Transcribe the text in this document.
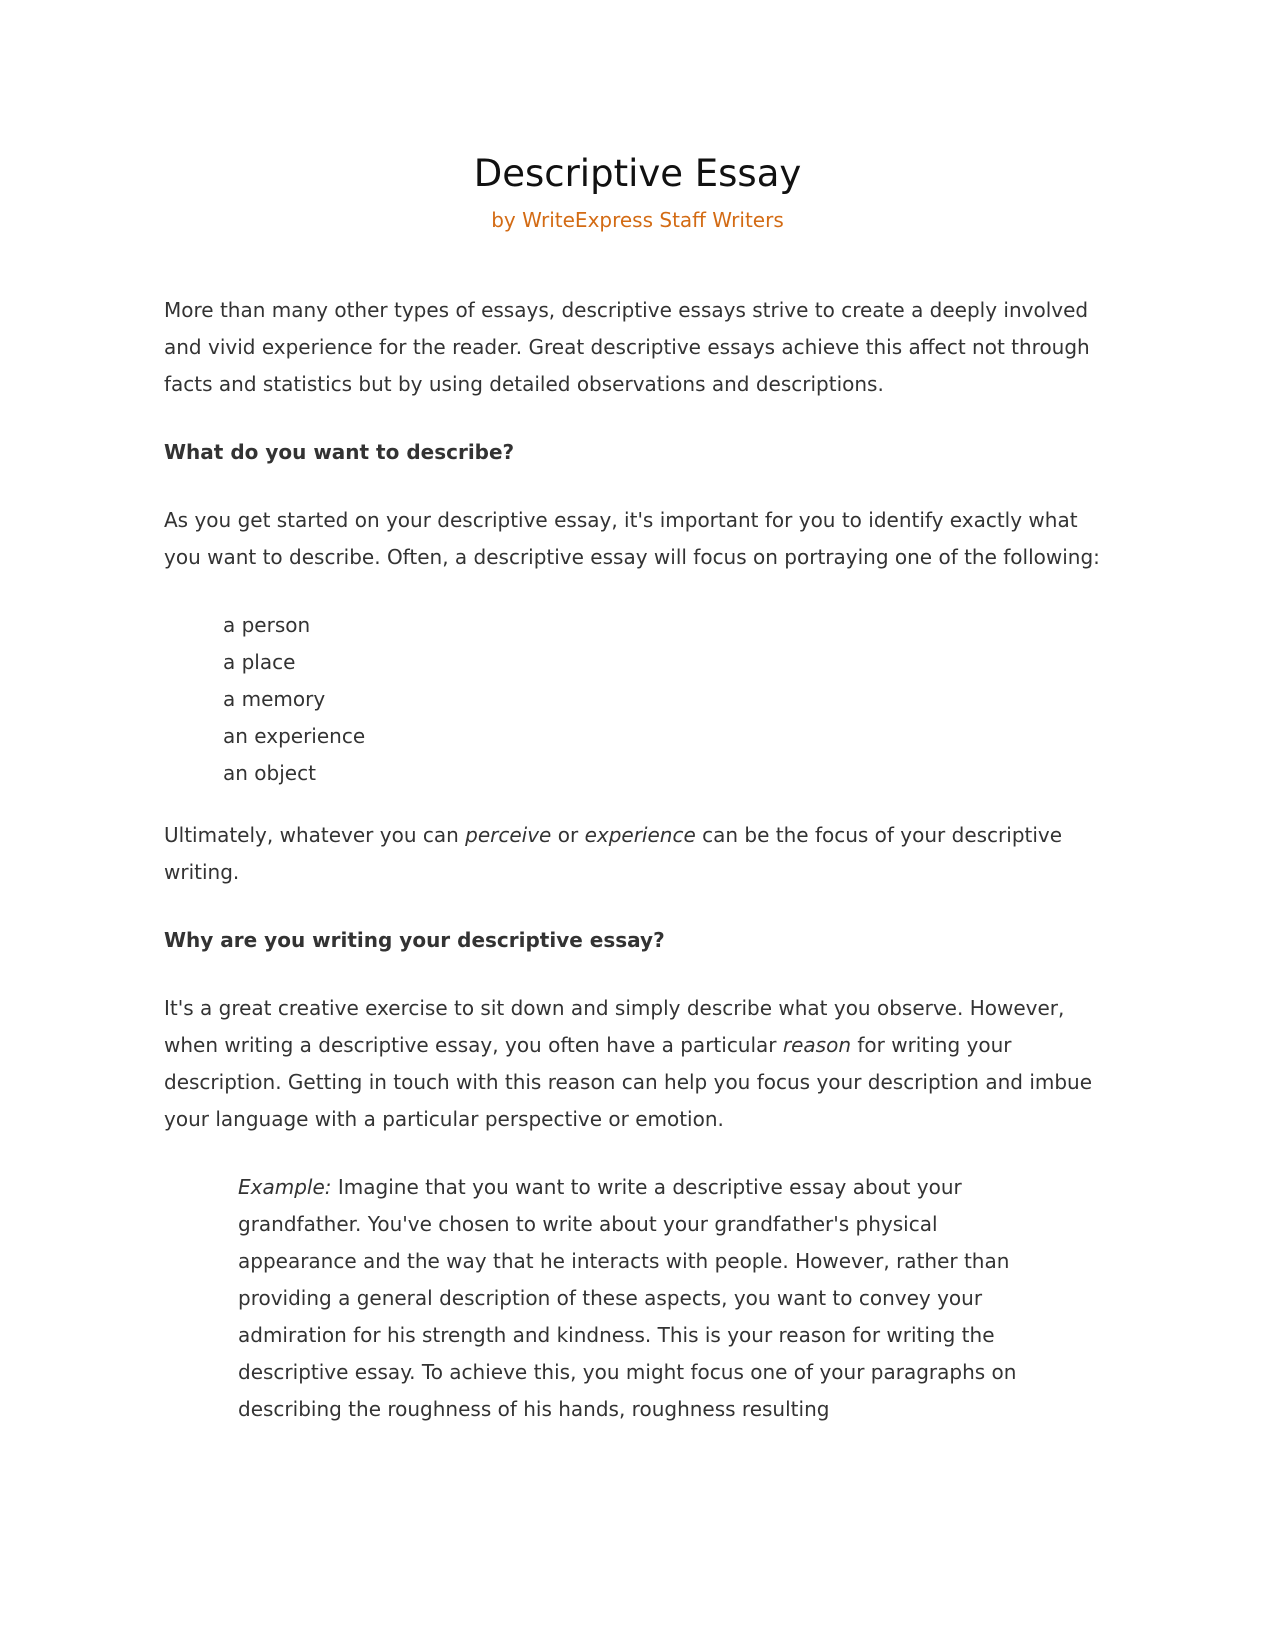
Descriptive Essay
by WriteExpress Staff Writers

More than many other types of essays, descriptive essays strive to create a deeply involved and vivid experience for the reader. Great descriptive essays achieve this affect not through facts and statistics but by using detailed observations and descriptions.

What do you want to describe?

As you get started on your descriptive essay, it's important for you to identify exactly what you want to describe. Often, a descriptive essay will focus on portraying one of the following:

a person
a place
a memory
an experience
an object

Ultimately, whatever you can perceive or experience can be the focus of your descriptive writing.

Why are you writing your descriptive essay?

It's a great creative exercise to sit down and simply describe what you observe. However, when writing a descriptive essay, you often have a particular reason for writing your description. Getting in touch with this reason can help you focus your description and imbue your language with a particular perspective or emotion.

Example: Imagine that you want to write a descriptive essay about your grandfather. You've chosen to write about your grandfather's physical appearance and the way that he interacts with people. However, rather than providing a general description of these aspects, you want to convey your admiration for his strength and kindness. This is your reason for writing the descriptive essay. To achieve this, you might focus one of your paragraphs on describing the roughness of his hands, roughness resulting
